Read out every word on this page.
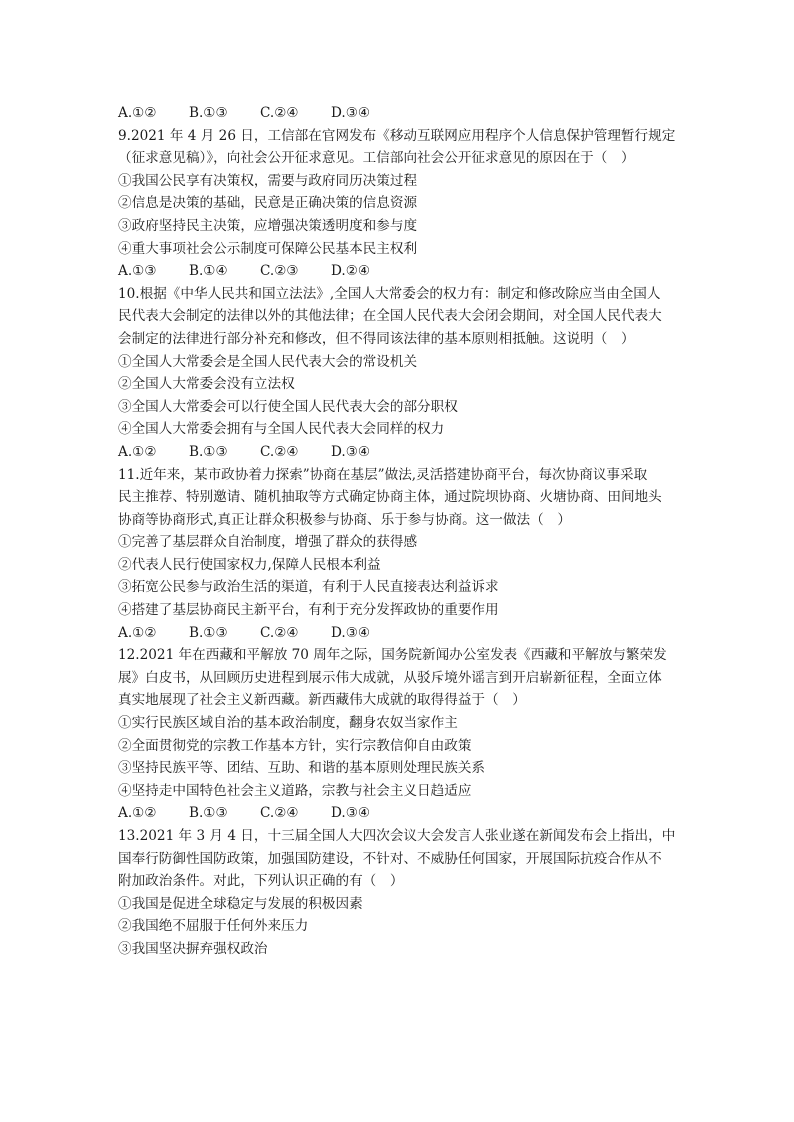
A.①②	B.①③	C.②④	D.③④
9.2021 年 4 月 26 日，工信部在官网发布《移动互联网应用程序个人信息保护管理暂行规定
（征求意见稿）》，向社会公开征求意见。工信部向社会公开征求意见的原因在于（　）
①我国公民享有决策权，需要与政府同历决策过程
②信息是决策的基础，民意是正确决策的信息资源
③政府坚持民主决策，应增强决策透明度和参与度
④重大事项社会公示制度可保障公民基本民主权利
A.①③	B.①④	C.②③	D.②④
10.根据《中华人民共和国立法法》,全国人大常委会的权力有：制定和修改除应当由全国人
民代表大会制定的法律以外的其他法律；在全国人民代表大会闭会期间，对全国人民代表大
会制定的法律进行部分补充和修改，但不得同该法律的基本原则相抵触。这说明（　）
①全国人大常委会是全国人民代表大会的常设机关
②全国人大常委会没有立法权
③全国人大常委会可以行使全国人民代表大会的部分职权
④全国人大常委会拥有与全国人民代表大会同样的权力
A.①②	B.①③	C.②④	D.③④
11.近年来，某市政协着力探索”协商在基层”做法,灵活搭建协商平台，每次协商议事采取
民主推荐、特别邀请、随机抽取等方式确定协商主体，通过院坝协商、火塘协商、田间地头
协商等协商形式,真正让群众积极参与协商、乐于参与协商。这一做法（　）
①完善了基层群众自治制度，增强了群众的获得感
②代表人民行使国家权力,保障人民根本利益
③拓宽公民参与政治生活的渠道，有利于人民直接表达利益诉求
④搭建了基层协商民主新平台，有利于充分发挥政协的重要作用
A.①②	B.①③	C.②④	D.③④
12.2021 年在西藏和平解放 70 周年之际，国务院新闻办公室发表《西藏和平解放与繁荣发
展》白皮书，从回顾历史进程到展示伟大成就，从驳斥境外谣言到开启崭新征程，全面立体
真实地展现了社会主义新西藏。新西藏伟大成就的取得得益于（　）
①实行民族区域自治的基本政治制度，翻身农奴当家作主
②全面贯彻党的宗教工作基本方针，实行宗教信仰自由政策
③坚持民族平等、团结、互助、和谐的基本原则处理民族关系
④坚持走中国特色社会主义道路，宗教与社会主义日趋适应
A.①②	B.①③	C.②④	D.③④
13.2021 年 3 月 4 日，十三届全国人大四次会议大会发言人张业遂在新闻发布会上指出，中
国奉行防御性国防政策，加强国防建设，不针对、不威胁任何国家，开展国际抗疫合作从不
附加政治条件。对此，下列认识正确的有（　）
①我国是促进全球稳定与发展的积极因素
②我国绝不屈服于任何外来压力
③我国坚决摒弃强权政治
